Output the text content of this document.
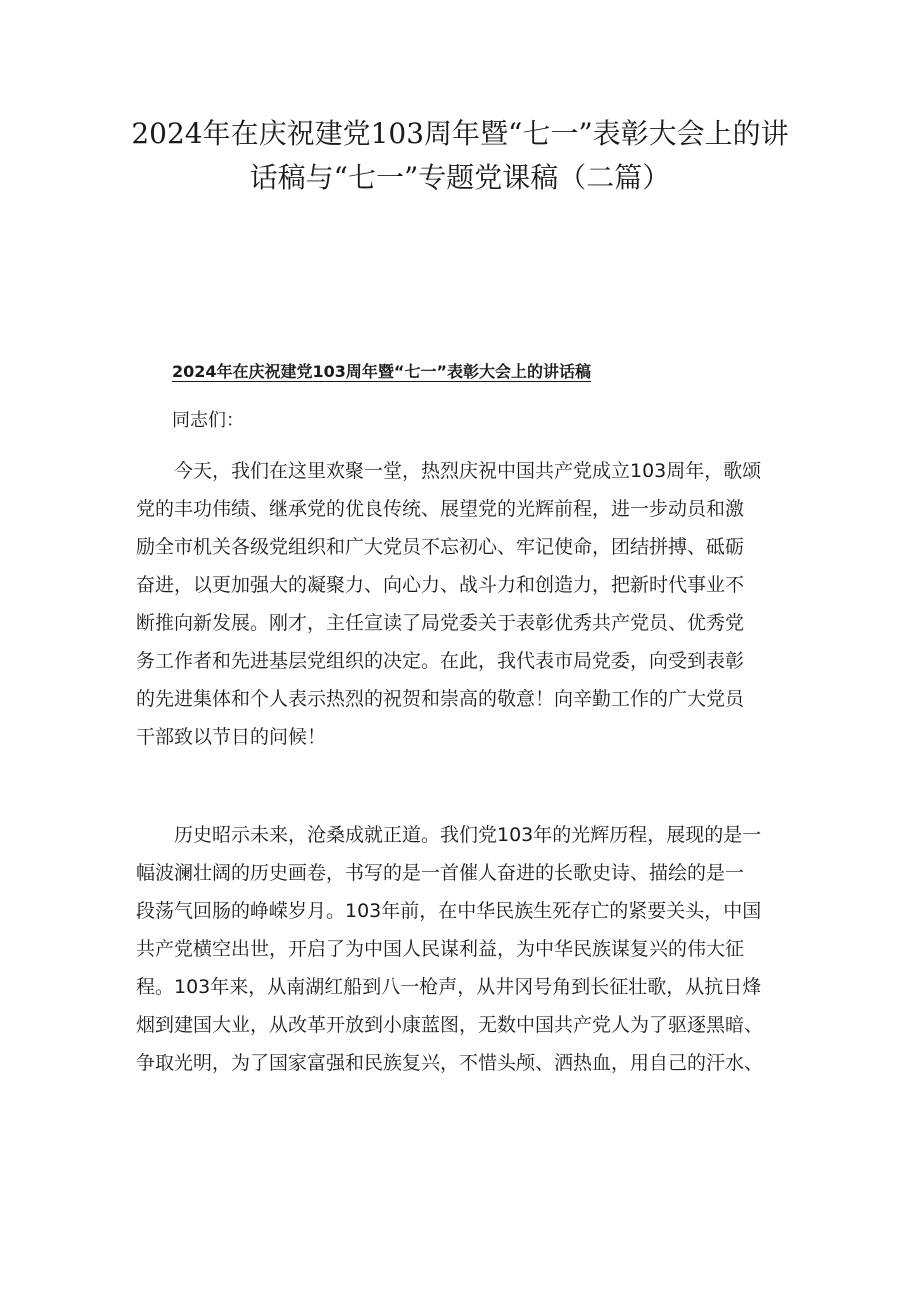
2024年在庆祝建党103周年暨“七一”表彰大会上的讲
话稿与“七一”专题党课稿（二篇）
2024年在庆祝建党103周年暨“七一”表彰大会上的讲话稿

同志们：

今天，我们在这里欢聚一堂，热烈庆祝中国共产党成立103周年，歌颂
党的丰功伟绩、继承党的优良传统、展望党的光辉前程，进一步动员和激
励全市机关各级党组织和广大党员不忘初心、牢记使命，团结拼搏、砥砺
奋进，以更加强大的凝聚力、向心力、战斗力和创造力，把新时代事业不
断推向新发展。刚才，主任宣读了局党委关于表彰优秀共产党员、优秀党
务工作者和先进基层党组织的决定。在此，我代表市局党委，向受到表彰
的先进集体和个人表示热烈的祝贺和崇高的敬意！向辛勤工作的广大党员
干部致以节日的问候！

历史昭示未来，沧桑成就正道。我们党103年的光辉历程，展现的是一
幅波澜壮阔的历史画卷，书写的是一首催人奋进的长歌史诗、描绘的是一
段荡气回肠的峥嵘岁月。103年前，在中华民族生死存亡的紧要关头，中国
共产党横空出世，开启了为中国人民谋利益，为中华民族谋复兴的伟大征
程。103年来，从南湖红船到八一枪声，从井冈号角到长征壮歌，从抗日烽
烟到建国大业，从改革开放到小康蓝图，无数中国共产党人为了驱逐黑暗、
争取光明，为了国家富强和民族复兴，不惜头颅、洒热血，用自己的汗水、
